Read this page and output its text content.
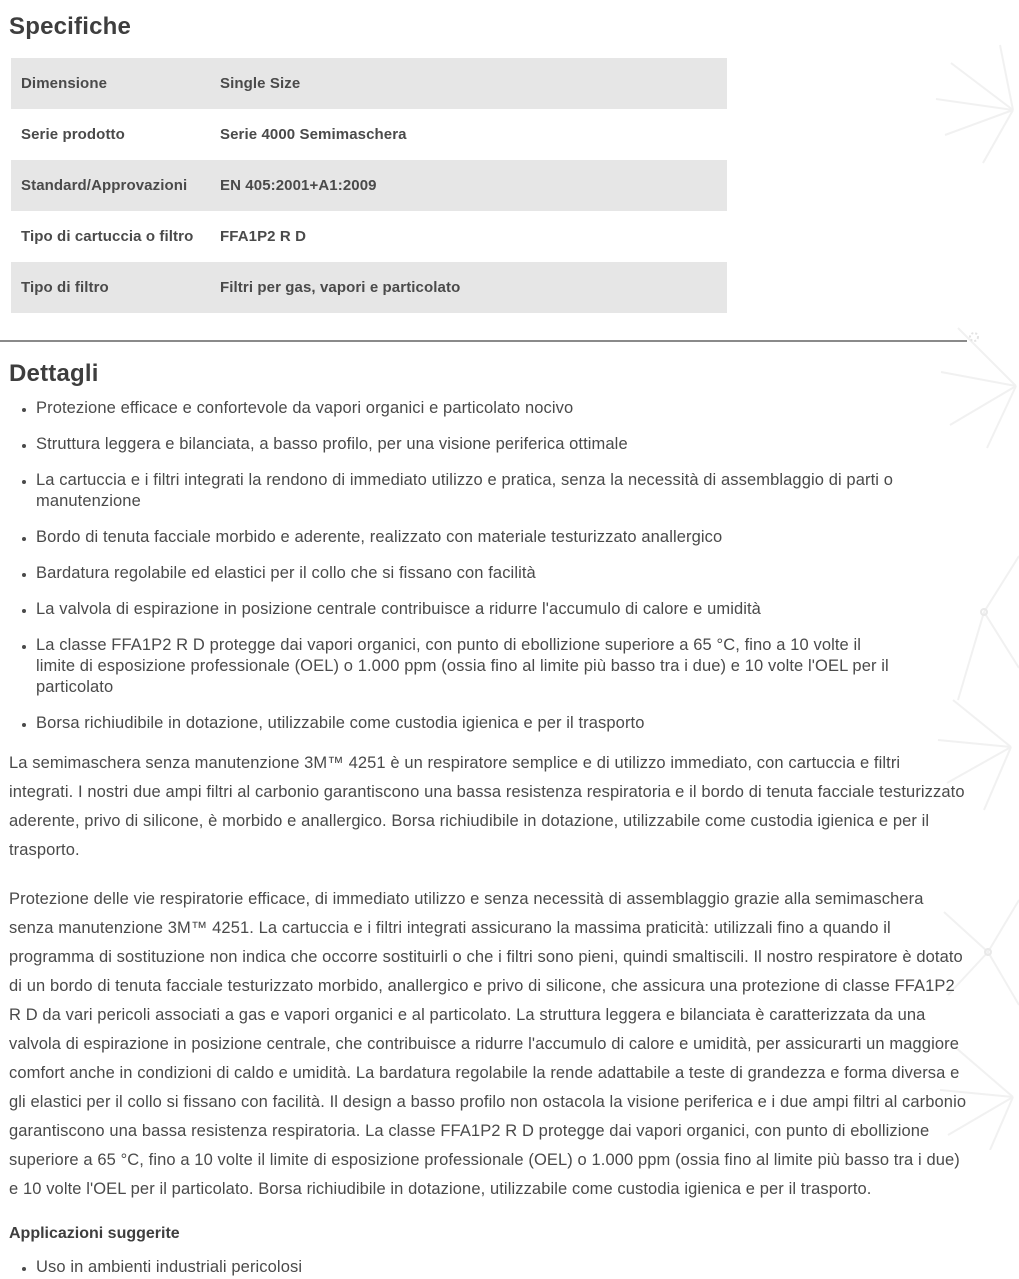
Specifiche
Dimensione	Single Size
Serie prodotto	Serie 4000 Semimaschera
Standard/Approvazioni	EN 405:2001+A1:2009
Tipo di cartuccia o filtro	FFA1P2 R D
Tipo di filtro	Filtri per gas, vapori e particolato
Dettagli
• Protezione efficace e confortevole da vapori organici e particolato nocivo
• Struttura leggera e bilanciata, a basso profilo, per una visione periferica ottimale
• La cartuccia e i filtri integrati la rendono di immediato utilizzo e pratica, senza la necessità di assemblaggio di parti o manutenzione
• Bordo di tenuta facciale morbido e aderente, realizzato con materiale testurizzato anallergico
• Bardatura regolabile ed elastici per il collo che si fissano con facilità
• La valvola di espirazione in posizione centrale contribuisce a ridurre l'accumulo di calore e umidità
• La classe FFA1P2 R D protegge dai vapori organici, con punto di ebollizione superiore a 65 °C, fino a 10 volte il limite di esposizione professionale (OEL) o 1.000 ppm (ossia fino al limite più basso tra i due) e 10 volte l'OEL per il particolato
• Borsa richiudibile in dotazione, utilizzabile come custodia igienica e per il trasporto

La semimaschera senza manutenzione 3M™ 4251 è un respiratore semplice e di utilizzo immediato, con cartuccia e filtri integrati. I nostri due ampi filtri al carbonio garantiscono una bassa resistenza respiratoria e il bordo di tenuta facciale testurizzato aderente, privo di silicone, è morbido e anallergico. Borsa richiudibile in dotazione, utilizzabile come custodia igienica e per il trasporto.

Protezione delle vie respiratorie efficace, di immediato utilizzo e senza necessità di assemblaggio grazie alla semimaschera senza manutenzione 3M™ 4251. La cartuccia e i filtri integrati assicurano la massima praticità: utilizzali fino a quando il programma di sostituzione non indica che occorre sostituirli o che i filtri sono pieni, quindi smaltiscili. Il nostro respiratore è dotato di un bordo di tenuta facciale testurizzato morbido, anallergico e privo di silicone, che assicura una protezione di classe FFA1P2 R D da vari pericoli associati a gas e vapori organici e al particolato. La struttura leggera e bilanciata è caratterizzata da una valvola di espirazione in posizione centrale, che contribuisce a ridurre l'accumulo di calore e umidità, per assicurarti un maggiore comfort anche in condizioni di caldo e umidità. La bardatura regolabile la rende adattabile a teste di grandezza e forma diversa e gli elastici per il collo si fissano con facilità. Il design a basso profilo non ostacola la visione periferica e i due ampi filtri al carbonio garantiscono una bassa resistenza respiratoria. La classe FFA1P2 R D protegge dai vapori organici, con punto di ebollizione superiore a 65 °C, fino a 10 volte il limite di esposizione professionale (OEL) o 1.000 ppm (ossia fino al limite più basso tra i due) e 10 volte l'OEL per il particolato. Borsa richiudibile in dotazione, utilizzabile come custodia igienica e per il trasporto.

Applicazioni suggerite
• Uso in ambienti industriali pericolosi
